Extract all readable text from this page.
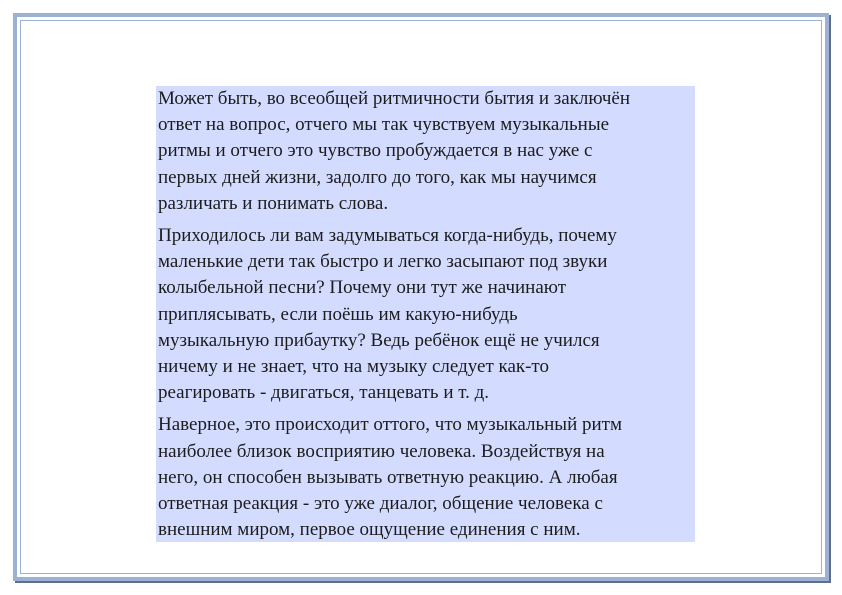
Может быть, во всеобщей ритмичности бытия и заключён
ответ на вопрос, отчего мы так чувствуем музыкальные
ритмы и отчего это чувство пробуждается в нас уже с
первых дней жизни, задолго до того, как мы научимся
различать и понимать слова.

Приходилось ли вам задумываться когда-нибудь, почему
маленькие дети так быстро и легко засыпают под звуки
колыбельной песни? Почему они тут же начинают
приплясывать, если поёшь им какую-нибудь
музыкальную прибаутку? Ведь ребёнок ещё не учился
ничему и не знает, что на музыку следует как-то
реагировать - двигаться, танцевать и т. д.

Наверное, это происходит оттого, что музыкальный ритм
наиболее близок восприятию человека. Воздействуя на
него, он способен вызывать ответную реакцию. А любая
ответная реакция - это уже диалог, общение человека с
внешним миром, первое ощущение единения с ним.
